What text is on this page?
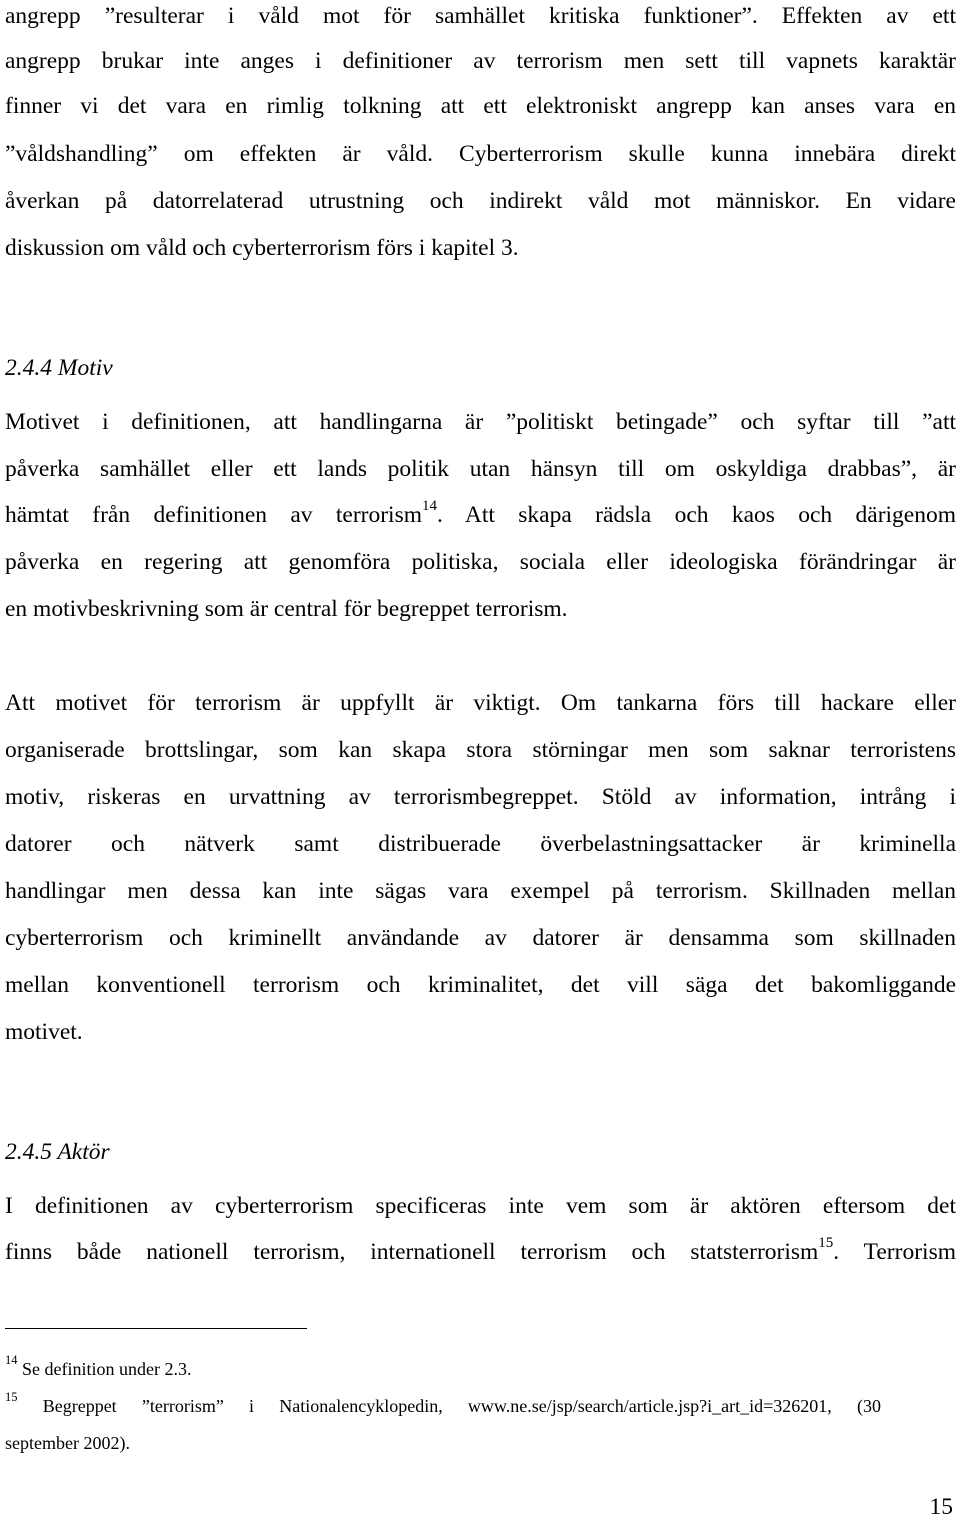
angrepp ”resulterar i våld mot för samhället kritiska funktioner”. Effekten av ett
angrepp brukar inte anges i definitioner av terrorism men sett till vapnets karaktär
finner vi det vara en rimlig tolkning att ett elektroniskt angrepp kan anses vara en
”våldshandling” om effekten är våld. Cyberterrorism skulle kunna innebära direkt
åverkan på datorrelaterad utrustning och indirekt våld mot människor. En vidare
diskussion om våld och cyberterrorism förs i kapitel 3.
2.4.4 Motiv
Motivet i definitionen, att handlingarna är ”politiskt betingade” och syftar till ”att
påverka samhället eller ett lands politik utan hänsyn till om oskyldiga drabbas”, är
hämtat från definitionen av terrorism$^{14}$. Att skapa rädsla och kaos och därigenom
påverka en regering att genomföra politiska, sociala eller ideologiska förändringar är
en motivbeskrivning som är central för begreppet terrorism.
Att motivet för terrorism är uppfyllt är viktigt. Om tankarna förs till hackare eller
organiserade brottslingar, som kan skapa stora störningar men som saknar terroristens
motiv, riskeras en urvattning av terrorismbegreppet. Stöld av information, intrång i
datorer och nätverk samt distribuerade överbelastningsattacker är kriminella
handlingar men dessa kan inte sägas vara exempel på terrorism. Skillnaden mellan
cyberterrorism och kriminellt användande av datorer är densamma som skillnaden
mellan konventionell terrorism och kriminalitet, det vill säga det bakomliggande
motivet.
2.4.5 Aktör
I definitionen av cyberterrorism specificeras inte vem som är aktören eftersom det
finns både nationell terrorism, internationell terrorism och statsterrorism$^{15}$. Terrorism
$^{14}$ Se definition under 2.3.
$^{15}$ Begreppet ”terrorism” i Nationalencyklopedin, www.ne.se/jsp/search/article.jsp?i_art_id=326201, (30
september 2002).
15
